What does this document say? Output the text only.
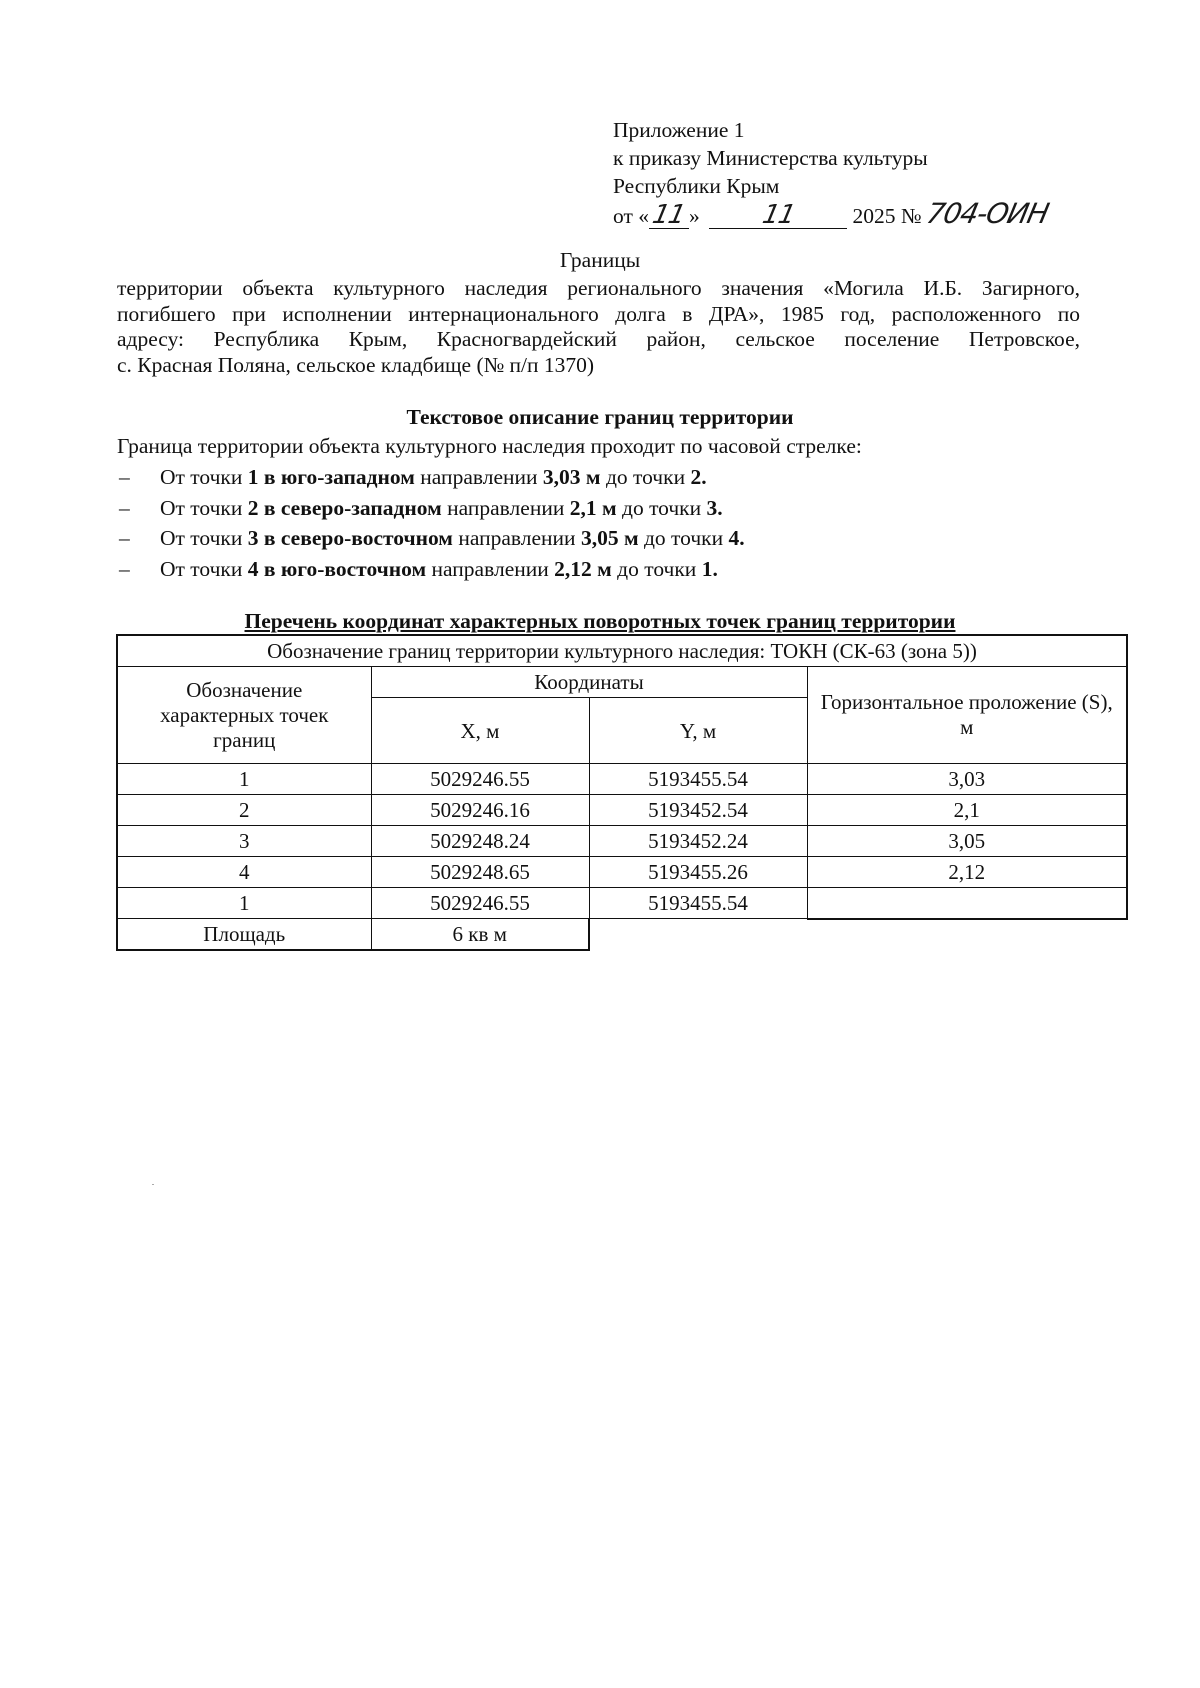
Приложение 1
к приказу Министерства культуры
Республики Крым
от «11» 11	2025 № 704-ОИН
Границы
территории объекта культурного наследия регионального значения «Могила И.Б. Загирного,
погибшего при исполнении интернационального долга в ДРА», 1985 год, расположенного по
адресу: Республика Крым, Красногвардейский район, сельское поселение Петровское,
с. Красная Поляна, сельское кладбище (№ п/п 1370)
Текстовое описание границ территории
Граница территории объекта культурного наследия проходит по часовой стрелке:
– От точки 1 в юго-западном направлении 3,03 м до точки 2.
– От точки 2 в северо-западном направлении 2,1 м до точки 3.
– От точки 3 в северо-восточном направлении 3,05 м до точки 4.
– От точки 4 в юго-восточном направлении 2,12 м до точки 1.
Перечень координат характерных поворотных точек границ территории
Обозначение границ территории культурного наследия: ТОКН (СК-63 (зона 5))			
Обозначение характерных точек границ	Координаты		Горизонтальное проложение (S), м
	X, м	Y, м	
1	5029246.55	5193455.54	3,03
2	5029246.16	5193452.54	2,1
3	5029248.24	5193452.24	3,05
4	5029248.65	5193455.26	2,12
1	5029246.55	5193455.54	
Площадь	6 кв м		
